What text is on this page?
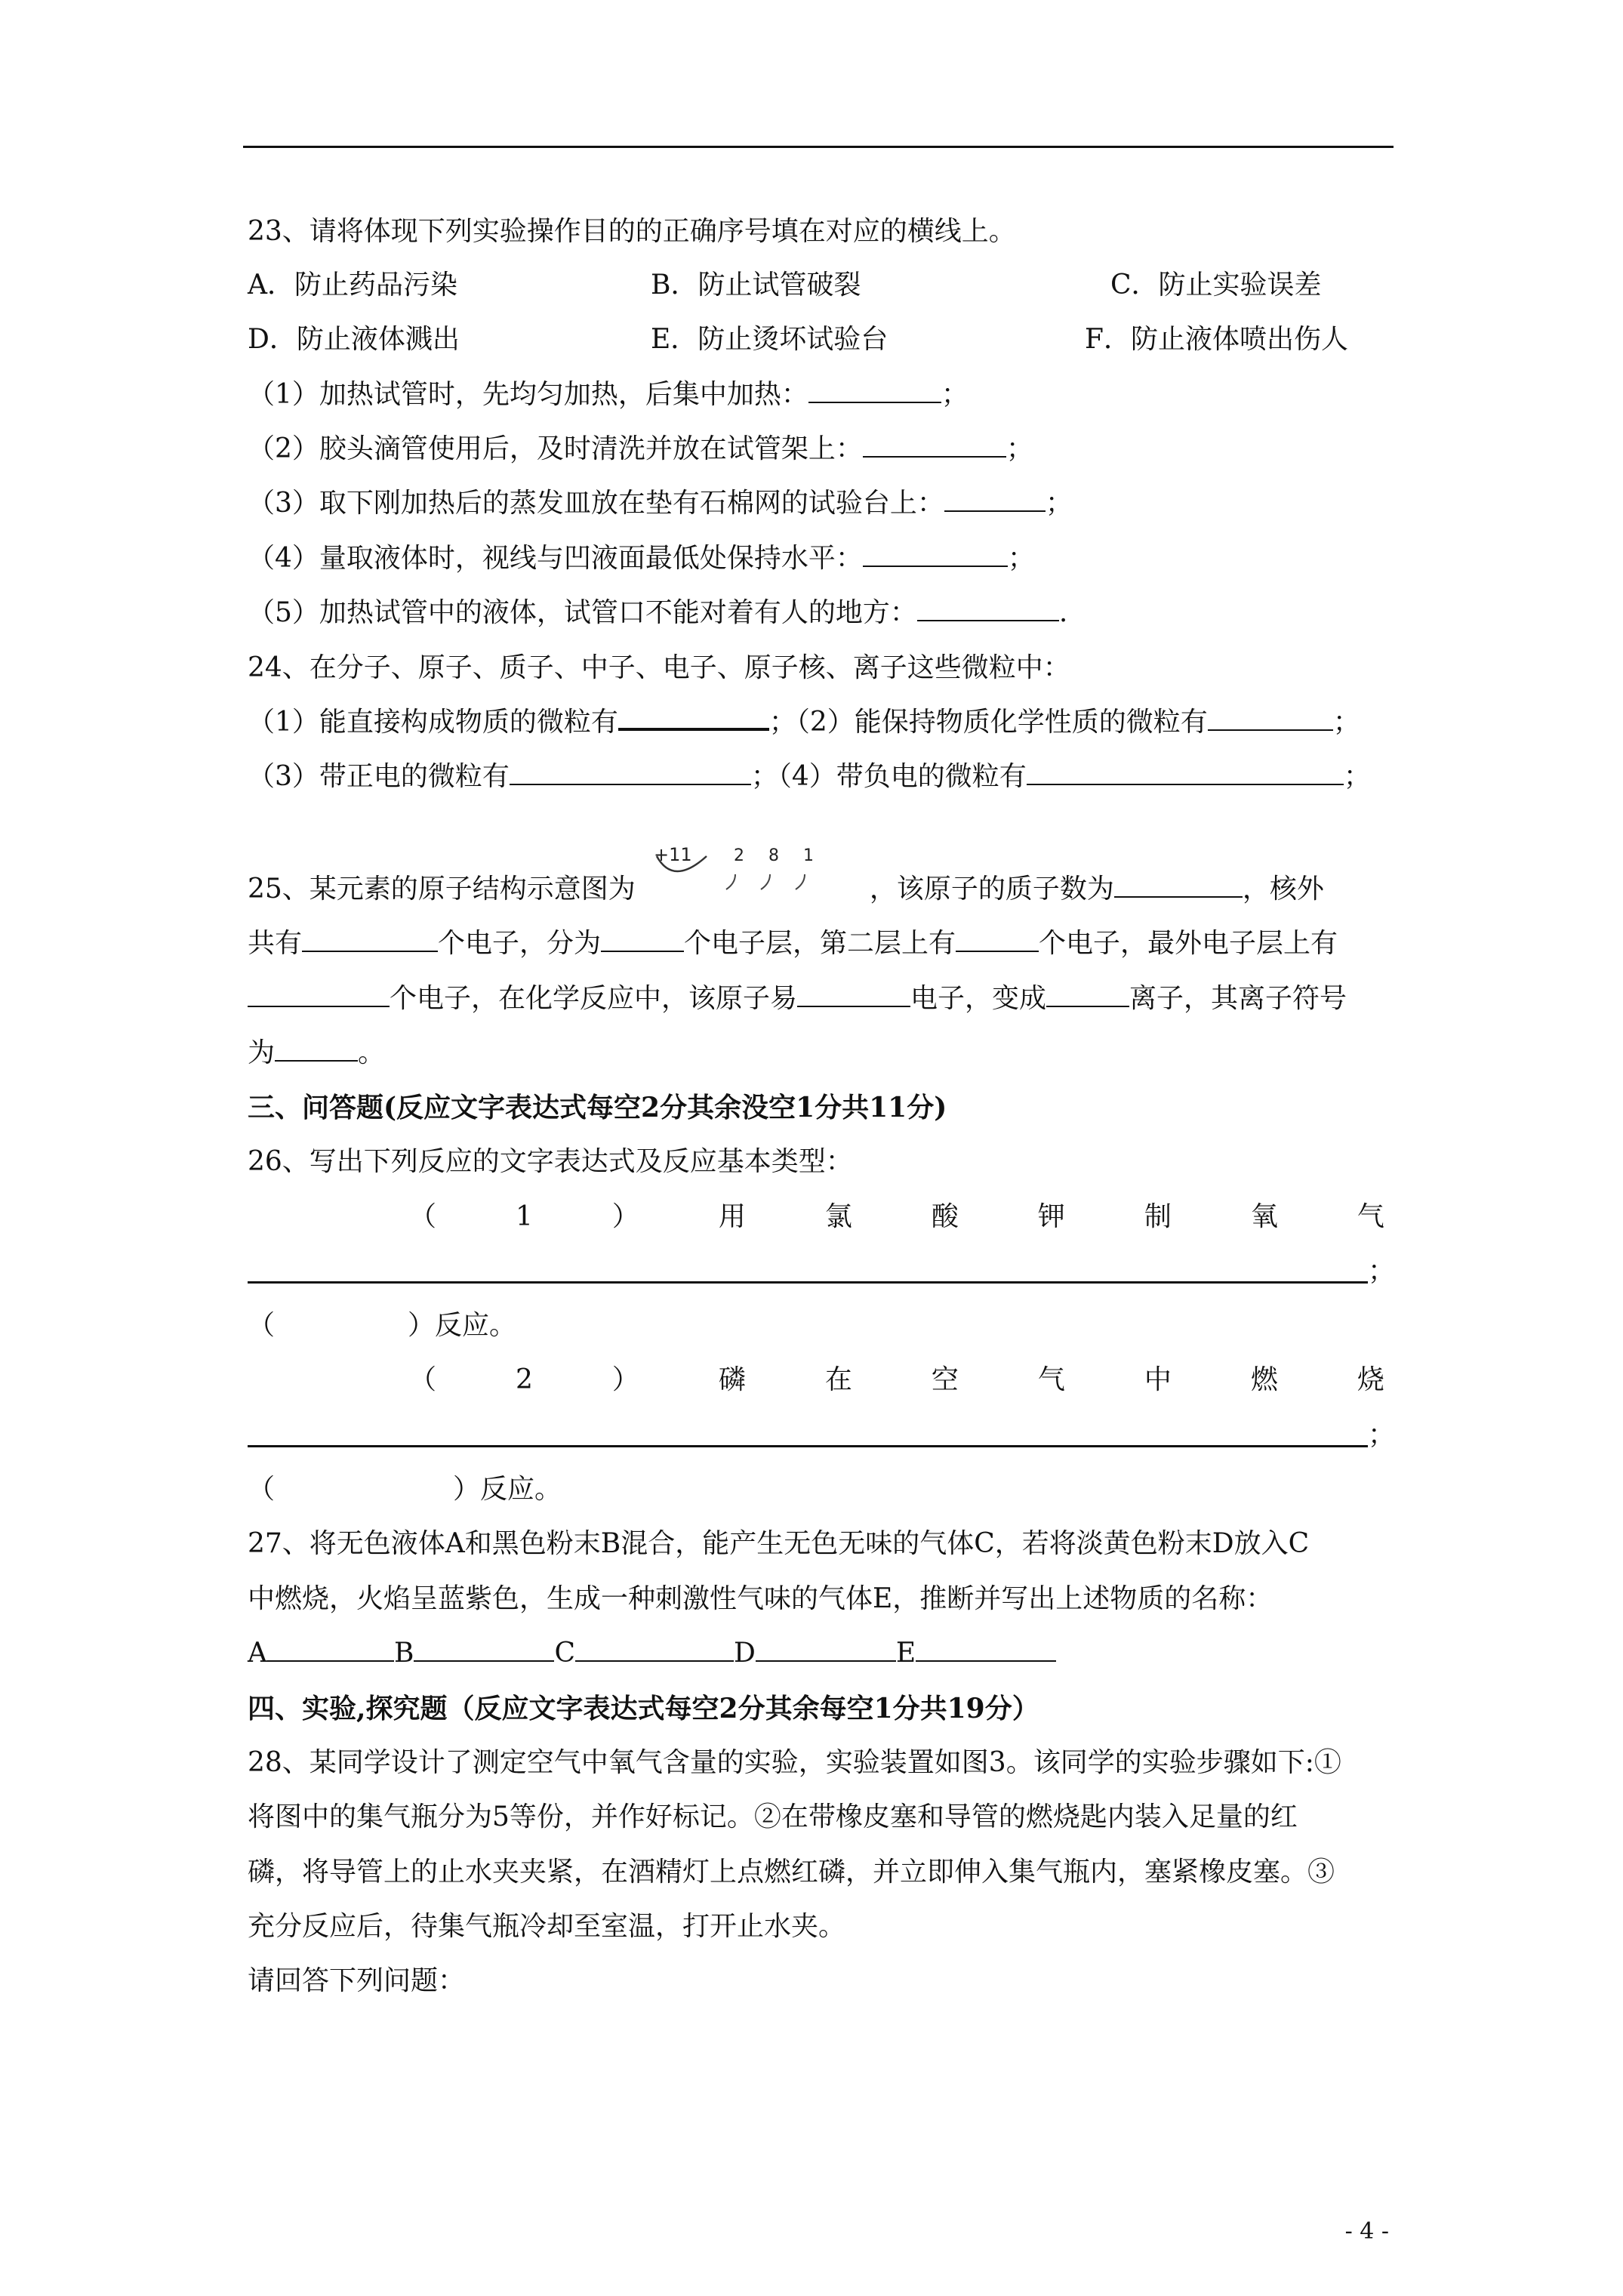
23、请将体现下列实验操作目的的正确序号填在对应的横线上。
A．防止药品污染	B．防止试管破裂	C．防止实验误差
D．防止液体溅出	E．防止烫坏试验台	F．防止液体喷出伤人
（1）加热试管时，先均匀加热，后集中加热：	；
（2）胶头滴管使用后，及时清洗并放在试管架上：	；
（3）取下刚加热后的蒸发皿放在垫有石棉网的试验台上：	；
（4）量取液体时，视线与凹液面最低处保持水平：	；
（5）加热试管中的液体，试管口不能对着有人的地方：	.
24、在分子、原子、质子、中子、电子、原子核、离子这些微粒中：
（1）能直接构成物质的微粒有	；（2）能保持物质化学性质的微粒有	；
（3）带正电的微粒有	；（4）带负电的微粒有	；
+11	2 8 1
25、某元素的原子结构示意图为	，该原子的质子数为	，核外
共有	个电子，分为	个电子层，第二层上有	个电子，最外电子层上有
个电子，在化学反应中，该原子易	电子，变成	离子，其离子符号
为	。
三、问答题(反应文字表达式每空2分其余没空1分共11分)
26、写出下列反应的文字表达式及反应基本类型：
（	1	）	用	氯	酸	钾	制	氧	气
；
（	）反应。
（	2	）	磷	在	空	气	中	燃	烧
；
（	）反应。
27、将无色液体A和黑色粉末B混合，能产生无色无味的气体C，若将淡黄色粉末D放入C
中燃烧，火焰呈蓝紫色，生成一种刺激性气味的气体E，推断并写出上述物质的名称：
A	B	C	D	E
四、实验,探究题（反应文字表达式每空2分其余每空1分共19分）
28、某同学设计了测定空气中氧气含量的实验，实验装置如图3。该同学的实验步骤如下:①
将图中的集气瓶分为5等份，并作好标记。②在带橡皮塞和导管的燃烧匙内装入足量的红
磷，将导管上的止水夹夹紧，在酒精灯上点燃红磷，并立即伸入集气瓶内，塞紧橡皮塞。③
充分反应后，待集气瓶冷却至室温，打开止水夹。
请回答下列问题：
- 4 -
